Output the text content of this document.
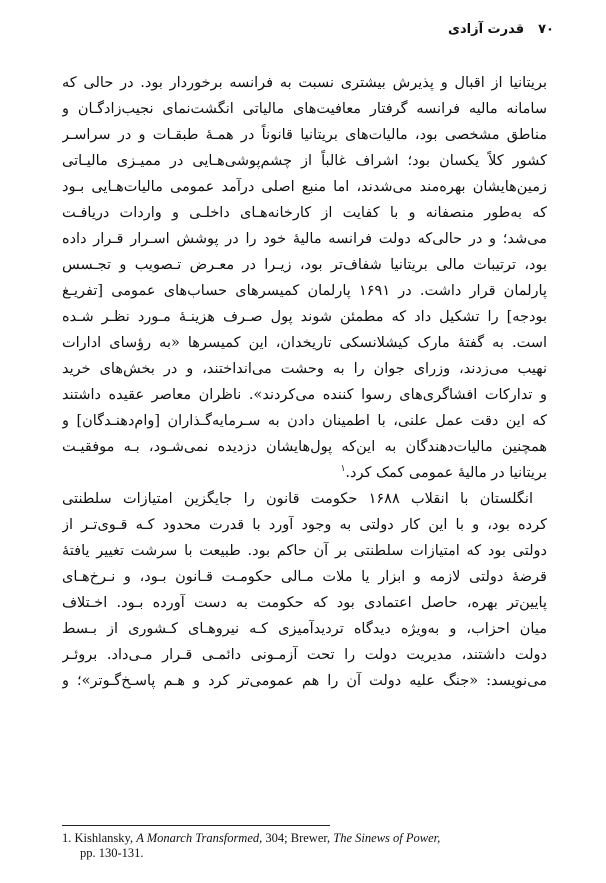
۷۰قدرت آزادی
بریتانیا از اقبال و پذیرش بیشتری نسبت به فرانسه برخوردار بود. در حالی که
سامانه مالیه فرانسه گرفتار معافیت‌های مالیاتی انگشت‌نمای نجیب‌زادگـان و
مناطق مشخصی بود، مالیات‌های بریتانیا قانوناً در همـهٔ طبقـات و در سراسـر
کشور کلاً یکسان بود؛ اشراف غالباً از چشم‌پوشی‌هـایی در ممیـزی مالیـاتی
زمین‌هایشان بهره‌مند می‌شدند، اما منبع اصلی درآمد عمومی مالیات‌هـایی بـود
که به‌طور منصفانه و با کفایت از کارخانه‌هـای داخلـی و واردات دریافـت
می‌شد؛ و در حالی‌که دولت فرانسه مالیهٔ خود را در پوشش اسـرار قـرار داده
بود، ترتیبات مالی بریتانیا شفاف‌تر بود، زیـرا در معـرض تـصویب و تجـسس
پارلمان قرار داشت. در ۱۶۹۱ پارلمان کمیسرهای حساب‌های عمومی [تفریـغ
بودجه] را تشکیل داد که مطمئن شوند پول صـرف هزینـهٔ مـورد نظـر شـده
است. به گفتهٔ مارک کیشلانسکی تاریخدان، این کمیسرها «به رؤسای ادارات
نهیب می‌زدند، وزرای جوان را به وحشت می‌انداختند، و در بخش‌های خرید
و تدارکات افشاگری‌های رسوا کننده می‌کردند». ناظران معاصر عقیده داشتند
که این دقت عمل علنی، با اطمینان دادن به سـرمایه‌گـذاران [وام‌دهنـدگان] و
همچنین مالیات‌دهندگان به این‌که پول‌هایشان دزدیده نمی‌شـود، بـه موفقیـت
بریتانیا در مالیهٔ عمومی کمک کرد.$^۱$
انگلستان با انقلاب ۱۶۸۸ حکومت قانون را جایگزین امتیازات سلطنتی
کرده بود، و با این کار دولتی به وجود آورد با قدرت محدود کـه قـوی‌تـر از
دولتی بود که امتیازات سلطنتی بر آن حاکم بود. طبیعت با سرشت تغییر یافتهٔ
قرضهٔ دولتی لازمه و ابزار یا ملات مـالی حکومـت قـانون بـود، و نـرخ‌هـای
پایین‌تر بهره، حاصل اعتمادی بود که حکومت به دست آورده بـود. اخـتلاف
میان احزاب، و به‌ویژه دیدگاه تردیدآمیزی کـه نیروهـای کـشوری از بـسط
دولت داشتند، مدیریت دولت را تحت آزمـونی دائمـی قـرار مـی‌داد. بروئـر
می‌نویسد: «جنگ علیه دولت آن را هم عمومی‌تر کرد و هـم پاسـخ‌گـوتر»؛ و
1. Kishlansky, A Monarch Transformed, 304; Brewer, The Sinews of Power,
pp. 130-131.
